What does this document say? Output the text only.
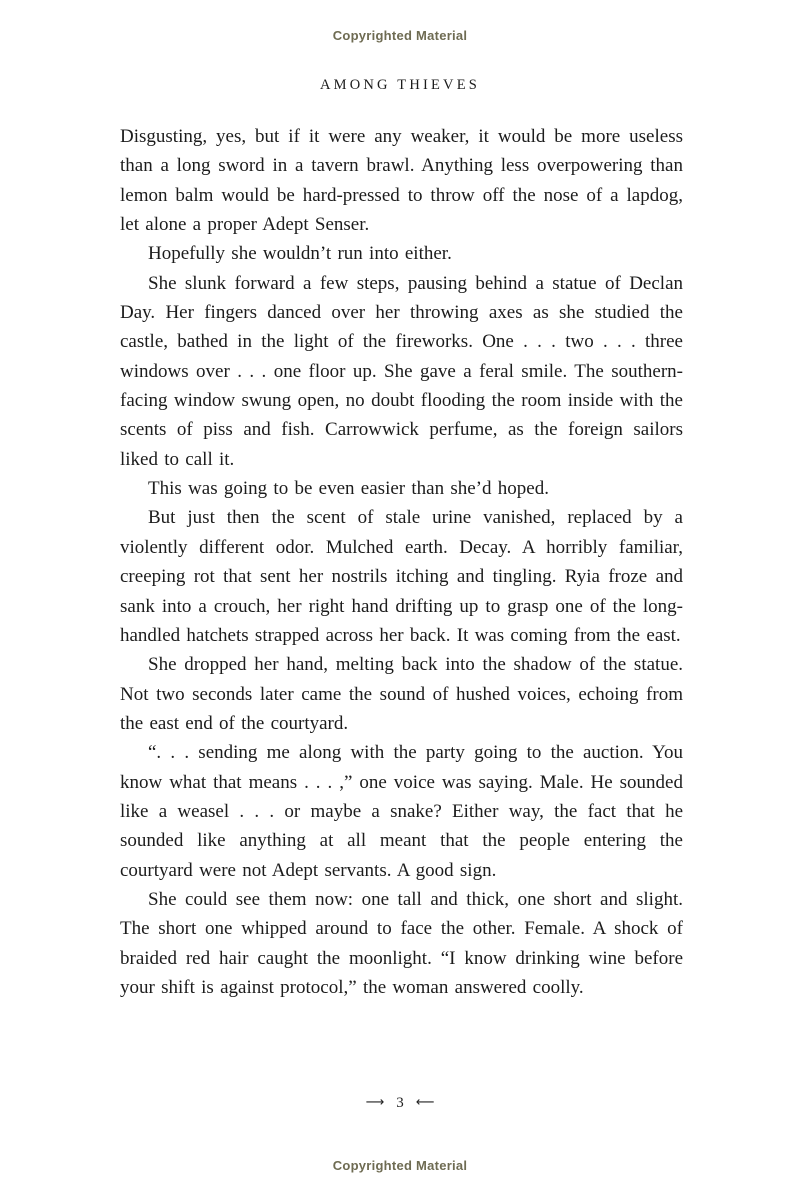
Copyrighted Material
AMONG THIEVES

Disgusting, yes, but if it were any weaker, it would be more useless than a long sword in a tavern brawl. Anything less overpowering than lemon balm would be hard-pressed to throw off the nose of a lapdog, let alone a proper Adept Senser.

Hopefully she wouldn’t run into either.

She slunk forward a few steps, pausing behind a statue of Declan Day. Her fingers danced over her throwing axes as she studied the castle, bathed in the light of the fireworks. One . . . two . . . three windows over . . . one floor up. She gave a feral smile. The southern-facing window swung open, no doubt flooding the room inside with the scents of piss and fish. Carrowwick perfume, as the foreign sailors liked to call it.

This was going to be even easier than she’d hoped.

But just then the scent of stale urine vanished, replaced by a violently different odor. Mulched earth. Decay. A horribly familiar, creeping rot that sent her nostrils itching and tingling. Ryia froze and sank into a crouch, her right hand drifting up to grasp one of the long-handled hatchets strapped across her back. It was coming from the east.

She dropped her hand, melting back into the shadow of the statue. Not two seconds later came the sound of hushed voices, echoing from the east end of the courtyard.

“. . . sending me along with the party going to the auction. You know what that means . . . ,” one voice was saying. Male. He sounded like a weasel . . . or maybe a snake? Either way, the fact that he sounded like anything at all meant that the people entering the courtyard were not Adept servants. A good sign.

She could see them now: one tall and thick, one short and slight. The short one whipped around to face the other. Female. A shock of braided red hair caught the moonlight. “I know drinking wine before your shift is against protocol,” the woman answered coolly.

⟶ 3 ⟵
Copyrighted Material
